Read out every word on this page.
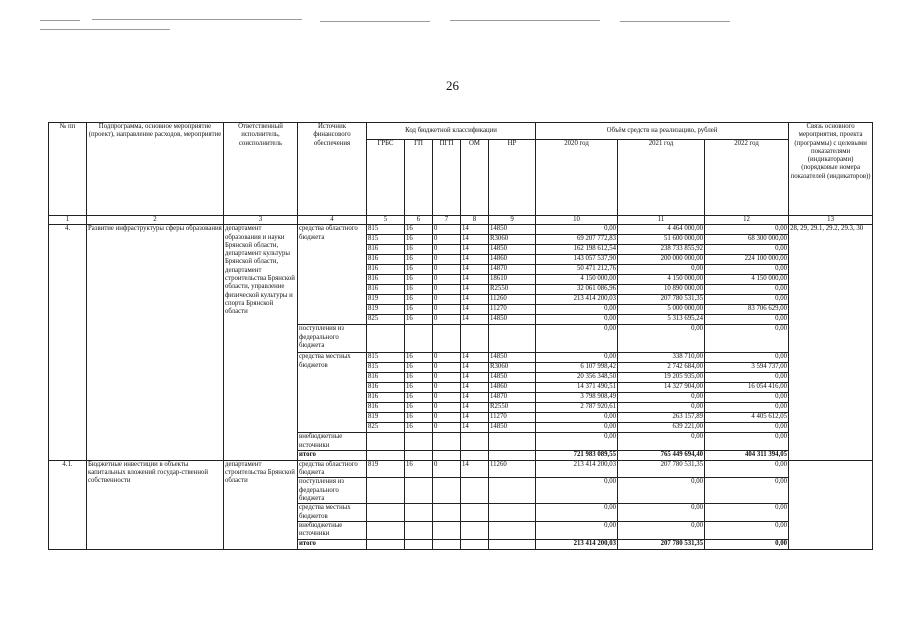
26
№ пп	Подпрограмма, основное мероприятие (проект), направление расходов, мероприятие	Ответственный исполнитель, соисполнитель	Источник финансового обеспечения	Код бюджетной классификации					Объём средств на реализацию, рублей			Связь основного мероприятия, проекта (программы) с целевыми показателями (индикаторами) (порядковые номера показателей (индикаторов))
				ГРБС	ГП	ПГП	ОМ	НР	2020 год	2021 год	2022 год	
1	2	3	4	5	6	7	8	9	10	11	12	13
4.	Развитие инфраструктуры сферы образования	департамент образования и науки Брянской области, департамент культуры Брянской области, департамент строительства Брянской области, управление физической культуры и спорта Брянской области	средства областного бюджета	815	16	0	14	14850	0,00	4 464 000,00	0,00	28, 29, 29.1, 29.2, 29.3, 30
				815	16	0	14	R3060	69 207 772,83	51 600 000,00	68 300 000,00	
				816	16	0	14	14850	162 198 612,54	238 733 855,92	0,00	
				816	16	0	14	14860	143 057 537,90	200 000 000,00	224 100 000,00	
				816	16	0	14	14870	50 471 212,76	0,00	0,00	
				816	16	0	14	18610	4 150 000,00	4 150 000,00	4 150 000,00	
				816	16	0	14	R2550	32 061 086,96	10 890 000,00	0,00	
				819	16	0	14	11260	213 414 200,03	207 780 531,35	0,00	
				819	16	0	14	11270	0,00	5 000 000,00	83 706 629,00	
				825	16	0	14	14850	0,00	5 313 695,24	0,00	
			поступления из федерального бюджета						0,00	0,00	0,00	
			средства местных бюджетов	815	16	0	14	14850	0,00	338 710,00	0,00	
				815	16	0	14	R3060	6 107 998,42	2 742 684,00	3 594 737,00	
				816	16	0	14	14850	20 356 348,50	19 205 935,00	0,00	
				816	16	0	14	14860	14 371 490,51	14 327 904,00	16 054 416,00	
				816	16	0	14	14870	3 798 908,49	0,00	0,00	
				816	16	0	14	R2550	2 787 920,61	0,00	0,00	
				819	16	0	14	11270	0,00	263 157,89	4 405 612,05	
				825	16	0	14	14850	0,00	639 221,00	0,00	
			внебюджетные источники						0,00	0,00	0,00	
			итого						721 983 089,55	765 449 694,40	404 311 394,05	
4.1.	Бюджетные инвестиции в объекты капитальных вложений государ-ственной собственности	департамент строительства Брянской области	средства областного бюджета	819	16	0	14	11260	213 414 200,03	207 780 531,35	0,00	
			поступления из федерального бюджета						0,00	0,00	0,00	
			средства местных бюджетов						0,00	0,00	0,00	
			внебюджетные источники						0,00	0,00	0,00	
			итого						213 414 200,03	207 780 531,35	0,00	
